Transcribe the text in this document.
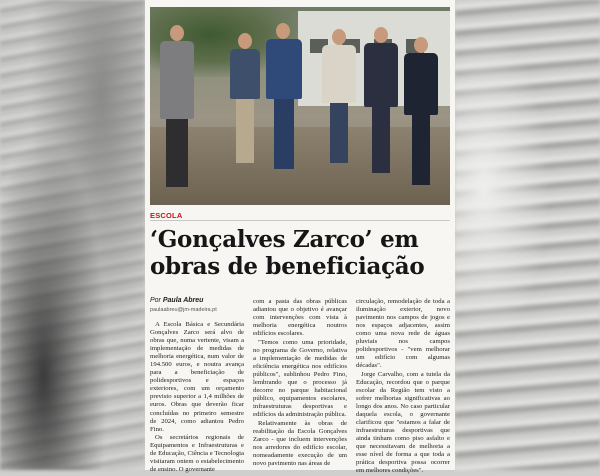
ESCOLA
‘Gonçalves Zarco’ em obras de beneficiação
Por Paula Abreu
paulaabreu@jm-madeira.pt

A Escola Básica e Secundária Gonçalves Zarco será alvo de obras que, numa vertente, visam a implementação de medidas de melhoria energética, num valor de 194.500 euros, e noutra avança para a beneficiação de polidesportivos e espaços exteriores, com um orçamento previsto superior a 1,4 milhões de euros. Obras que deverão ficar concluídas no primeiro semestre de 2024, como adiantou Pedro Fino.

Os secretários regionais de Equipamentos e Infraestruturas e de Educação, Ciência e Tecnologia visitaram ontem o estabelecimento de ensino. O governante

com a pasta das obras públicas adiantou que o objetivo é avançar com intervenções com vista à melhoria energética noutros edifícios escolares.

"Temos como uma prioridade, no programa de Governo, relativa a implementação de medidas de eficiência energética nos edifícios públicos", sublinhou Pedro Fino, lembrando que o processo já decorre no parque habitacional público, equipamentos escolares, infraestruturas desportivas e edifícios da administração pública.

Relativamente às obras de reabilitação da Escola Gonçalves Zarco - que incluem intervenções nos arredores do edifício escolar, nomeadamente execução de um novo pavimento nas áreas de

circulação, remodelação de toda a iluminação exterior, novo pavimento nos campos de jogos e nos espaços adjacentes, assim como uma nova rede de águas pluviais nos campos polidesportivos - "vem melhorar um edifício com algumas décadas".

Jorge Carvalho, com a tutela da Educação, recordou que o parque escolar da Região tem visto a sofrer melhorias significativas ao longo dos anos. No caso particular daquela escola, o governante clarificou que "estamos a falar de infraestruturas desportivas que ainda tinham como piso asfalto e que necessitavam de melhoria a esse nível de forma a que toda a prática desportiva possa ocorrer em melhores condições".
